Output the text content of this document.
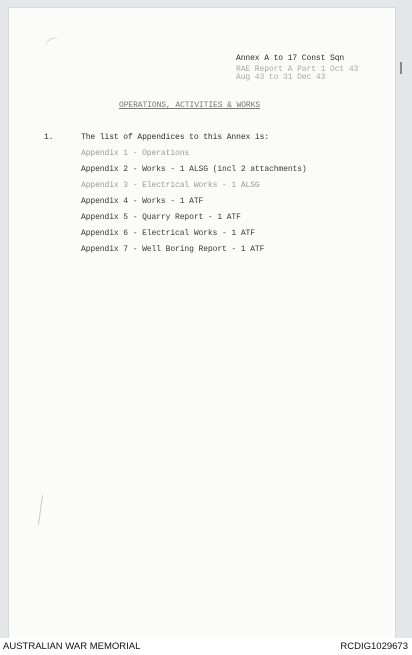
Annex A to 17 Const Sqn
RAE Report A Part 1 Oct 43
Aug 43 to 31 Dec 43
OPERATIONS, ACTIVITIES & WORKS
1.	The list of Appendices to this Annex is:
Appendix 1 - Operations
Appendix 2 - Works - 1 ALSG (incl 2 attachments)
Appendix 3 - Electrical Works - 1 ALSG
Appendix 4 - Works - 1 ATF
Appendix 5 - Quarry Report - 1 ATF
Appendix 6 - Electrical Works - 1 ATF
Appendix 7 - Well Boring Report - 1 ATF
AUSTRALIAN WAR MEMORIAL	RCDIG1029673
